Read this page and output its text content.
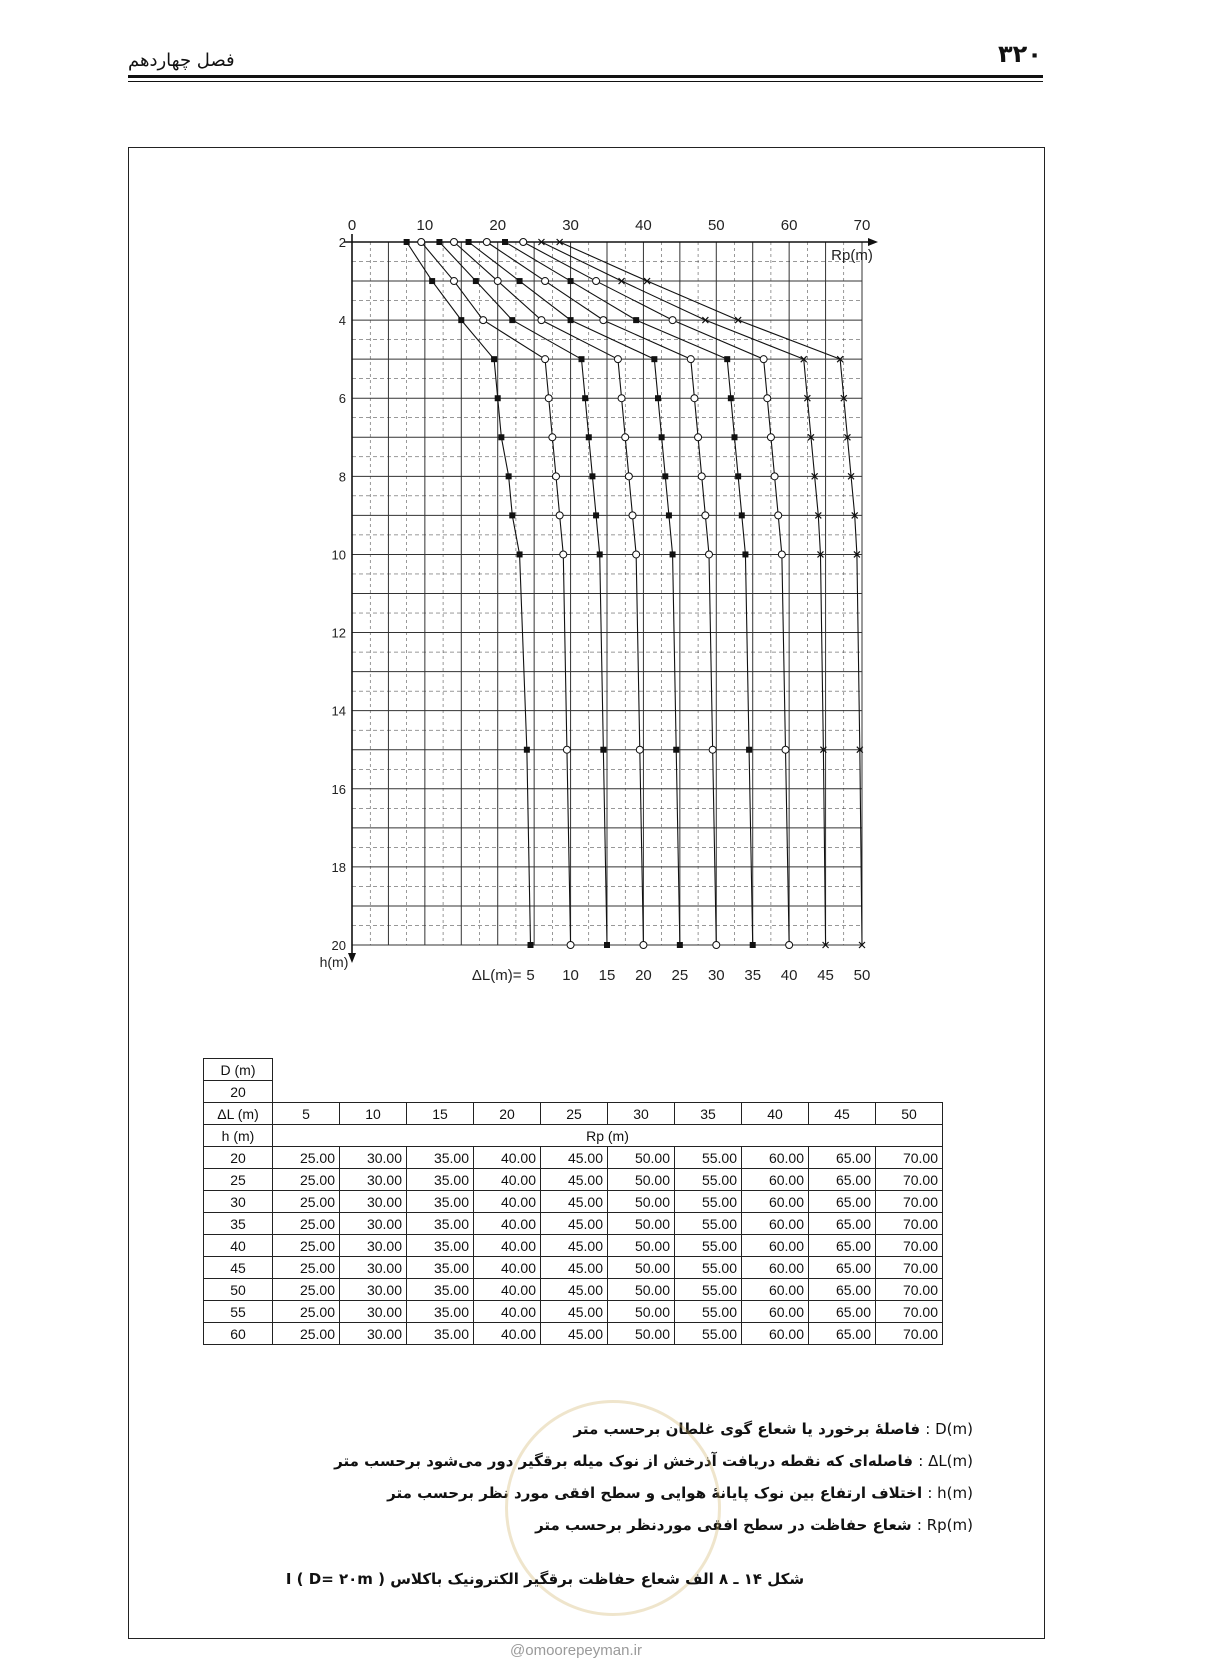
۳۲۰
فصل چهاردهم
0	10	20	30	40	50	60	70
2
4
6
8
10
12
14
16
18
20
Rp(m)
h(m)
ΔL(m)= 5 10 15 20 25 30 35 40 45 50
D (m)										
20										
ΔL (m)	5	10	15	20	25	30	35	40	45	50
h (m)	Rp (m)									
20	25.00	30.00	35.00	40.00	45.00	50.00	55.00	60.00	65.00	70.00
25	25.00	30.00	35.00	40.00	45.00	50.00	55.00	60.00	65.00	70.00
30	25.00	30.00	35.00	40.00	45.00	50.00	55.00	60.00	65.00	70.00
35	25.00	30.00	35.00	40.00	45.00	50.00	55.00	60.00	65.00	70.00
40	25.00	30.00	35.00	40.00	45.00	50.00	55.00	60.00	65.00	70.00
45	25.00	30.00	35.00	40.00	45.00	50.00	55.00	60.00	65.00	70.00
50	25.00	30.00	35.00	40.00	45.00	50.00	55.00	60.00	65.00	70.00
55	25.00	30.00	35.00	40.00	45.00	50.00	55.00	60.00	65.00	70.00
60	25.00	30.00	35.00	40.00	45.00	50.00	55.00	60.00	65.00	70.00
D(m) : فاصلهٔ برخورد یا شعاع گوی غلطان برحسب متر
ΔL(m) : فاصله‌ای که نقطه دریافت آذرخش از نوک میله برقگیر دور می‌شود برحسب متر
h(m) : اختلاف ارتفاع بین نوک پایانهٔ هوایی و سطح افقی مورد نظر برحسب متر
Rp(m) : شعاع حفاظت در سطح افقی موردنظر برحسب متر
شکل ۱۴ ـ ۸ الف شعاع حفاظت برقگیر الکترونیک باکلاس I ( D= ۲۰m )
@omoorepeyman.ir
